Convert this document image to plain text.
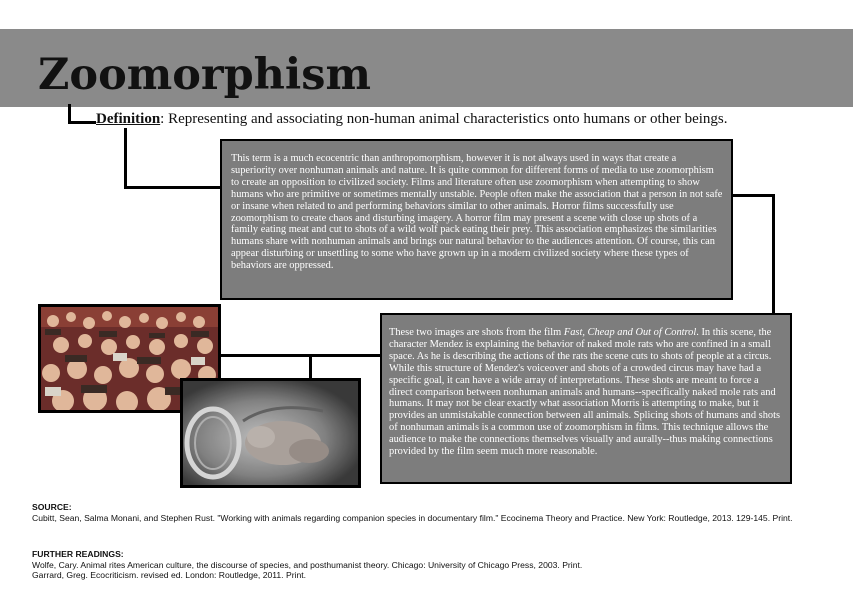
Zoomorphism
Definition: Representing and associating non-human animal characteristics onto humans or other beings.
This term is a much ecocentric than anthropomorphism, however it is not always used in ways that create a superiority over nonhuman animals and nature. It is quite common for different forms of media to use zoomorphism to create an opposition to civilized society. Films and literature often use zoomorphism when attempting to show humans who are primitive or sometimes mentally unstable. People often make the association that a person in not safe or insane when related to and performing behaviors similar to other animals. Horror films successfully use zoomorphism to create chaos and disturbing imagery. A horror film may present a scene with close up shots of a family eating meat and cut to shots of a wild wolf pack eating their prey. This association emphasizes the similarities humans share with nonhuman animals and brings our natural behavior to the audiences attention. Of course, this can appear disturbing or unsettling to some who have grown up in a modern civilized society where these types of behaviors are oppressed.
These two images are shots from the film Fast, Cheap and Out of Control. In this scene, the character Mendez is explaining the behavior of naked mole rats who are confined in a small space. As he is describing the actions of the rats the scene cuts to shots of people at a circus. While this structure of Mendez's voiceover and shots of a crowded circus may have had a specific goal, it can have a wide array of interpretations. These shots are meant to force a direct comparison between nonhuman animals and humans--specifically naked mole rats and humans. It may not be clear exactly what association Morris is attempting to make, but it provides an unmistakable connection between all animals. Splicing shots of humans and shots of nonhuman animals is a common use of zoomorphism in films. This technique allows the audience to make the connections themselves visually and aurally--thus making connections provided by the film seem much more reasonable.
SOURCE:
Cubitt, Sean, Salma Monani, and Stephen Rust. "Working with animals regarding companion species in documentary film." Ecocinema Theory and Practice. New York: Routledge, 2013. 129-145. Print.
FURTHER READINGS:
Wolfe, Cary. Animal rites American culture, the discourse of species, and posthumanist theory. Chicago: University of Chicago Press, 2003. Print.
Garrard, Greg. Ecocriticism. revised ed. London: Routledge, 2011. Print.
